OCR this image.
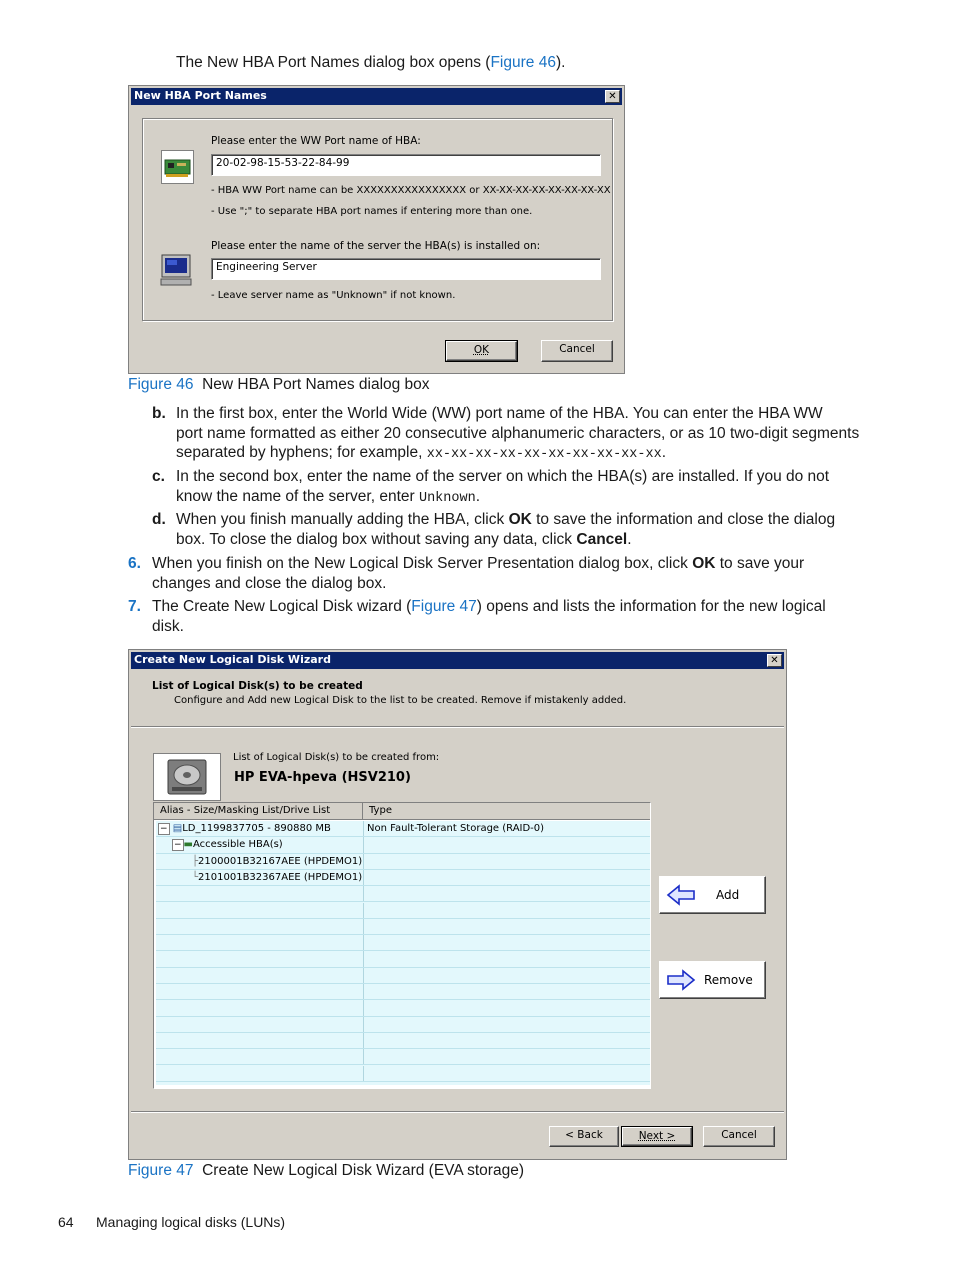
The New HBA Port Names dialog box opens (Figure 46).
New HBA Port Names	✕
Please enter the WW Port name of HBA:
20-02-98-15-53-22-84-99
- HBA WW Port name can be XXXXXXXXXXXXXXXX or XX-XX-XX-XX-XX-XX-XX-XX
- Use ";" to separate HBA port names if entering more than one.
Please enter the name of the server the HBA(s) is installed on:
Engineering Server
- Leave server name as "Unknown" if not known.
OK	Cancel
Figure 46 New HBA Port Names dialog box
b. In the first box, enter the World Wide (WW) port name of the HBA. You can enter the HBA WW
port name formatted as either 20 consecutive alphanumeric characters, or as 10 two-digit segments
separated by hyphens; for example, xx-xx-xx-xx-xx-xx-xx-xx-xx-xx.
c. In the second box, enter the name of the server on which the HBA(s) are installed. If you do not
know the name of the server, enter Unknown.
d. When you finish manually adding the HBA, click OK to save the information and close the dialog
box. To close the dialog box without saving any data, click Cancel.
6. When you finish on the New Logical Disk Server Presentation dialog box, click OK to save your
changes and close the dialog box.
7. The Create New Logical Disk wizard (Figure 47) opens and lists the information for the new logical
disk.
Create New Logical Disk Wizard	✕
List of Logical Disk(s) to be created
Configure and Add new Logical Disk to the list to be created. Remove if mistakenly added.
List of Logical Disk(s) to be created from:
HP EVA-hpeva (HSV210)
Alias - Size/Masking List/Drive List	Type
− ▤LD_1199837705 - 890880 MB	Non Fault-Tolerant Storage (RAID-0)
− ▬Accessible HBA(s)
├2100001B32167AEE (HPDEMO1)
└2101001B32367AEE (HPDEMO1)
Add
Remove
< Back	Next >	Cancel
Figure 47 Create New Logical Disk Wizard (EVA storage)
64 Managing logical disks (LUNs)
